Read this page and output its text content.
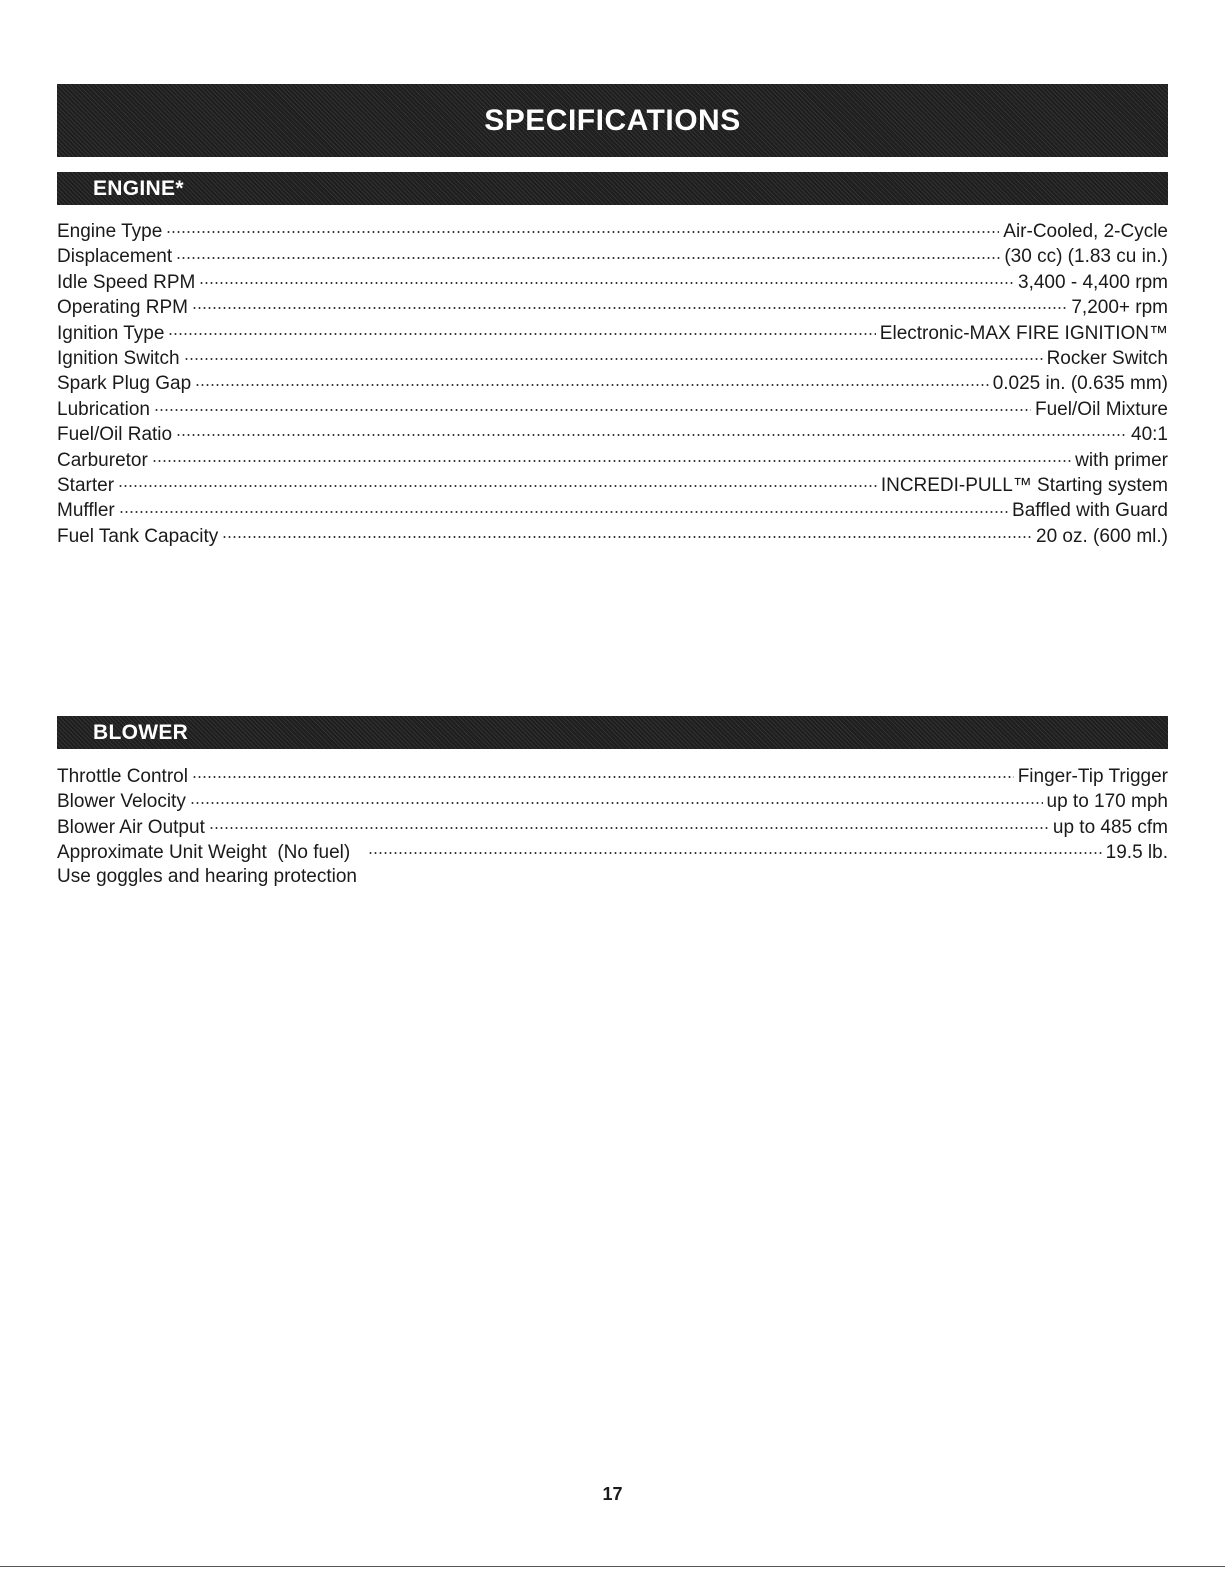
SPECIFICATIONS
ENGINE*
Engine Type	Air-Cooled, 2-Cycle
Displacement	(30 cc) (1.83 cu in.)
Idle Speed RPM	3,400 - 4,400 rpm
Operating RPM	7,200+ rpm
Ignition Type	Electronic-MAX FIRE IGNITION™
Ignition Switch	Rocker Switch
Spark Plug Gap	0.025 in. (0.635 mm)
Lubrication	Fuel/Oil Mixture
Fuel/Oil Ratio	40:1
Carburetor	with primer
Starter	INCREDI-PULL™ Starting system
Muffler	Baffled with Guard
Fuel Tank Capacity	20 oz. (600 ml.)
BLOWER
Throttle Control	Finger-Tip Trigger
Blower Velocity	up to 170 mph
Blower Air Output	up to 485 cfm
Approximate Unit Weight  (No fuel)	19.5 lb.
Use goggles and hearing protection
17
